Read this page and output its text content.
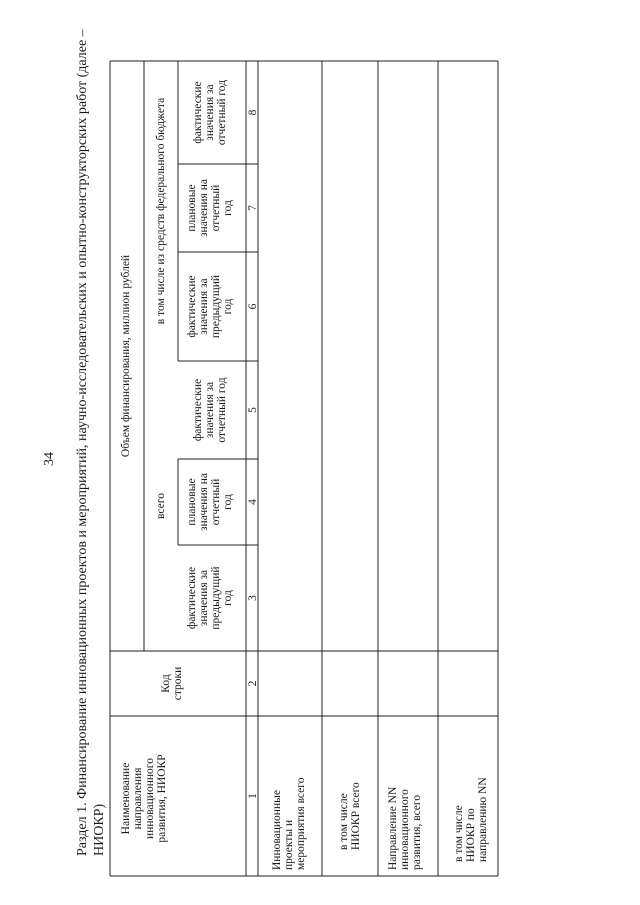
34 Раздел 1. Финансирование инновационных проектов и мероприятий, научно-исследовательских и опытно-конструкторских работ (далее – НИОКР) Наименование
направления
инновационного
развития, НИОКР
Код
строки
Объем финансирования, миллион рублей
всего
в том числе из средств федерального бюджета
фактические
значения за
предыдущий
год
плановые
значения на
отчетный
год
фактические
значения за
отчетный год
фактические
значения за
предыдущий
год
плановые
значения на
отчетный
год
фактические
значения за
отчетный год
1
2
3
4
5
6
7
8
Инновационные
проекты и
мероприятия всего
в том числе
НИОКР всего
Направление NN
инновационного
развития, всего
в том числе
НИОКР по
направлению NN
